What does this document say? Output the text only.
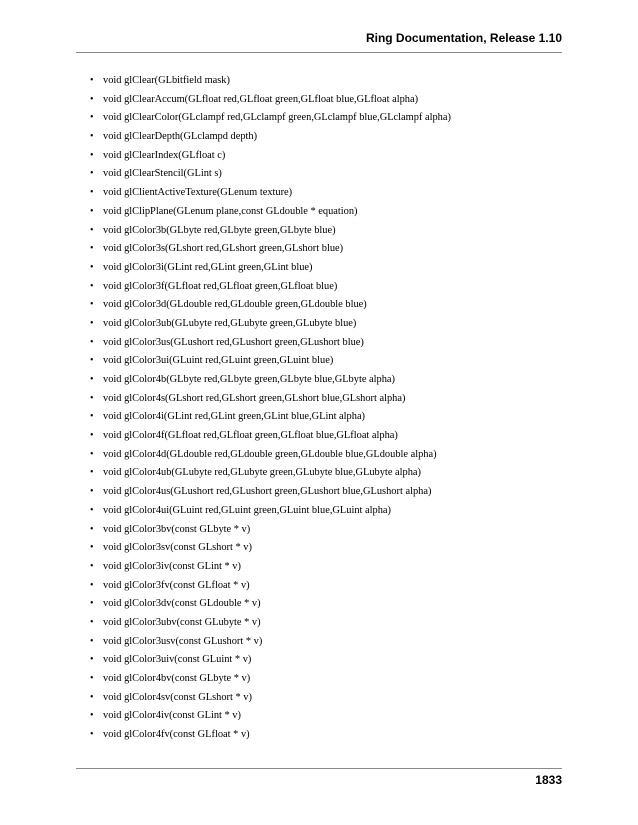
Ring Documentation, Release 1.10
• void glClear(GLbitfield mask)
• void glClearAccum(GLfloat red,GLfloat green,GLfloat blue,GLfloat alpha)
• void glClearColor(GLclampf red,GLclampf green,GLclampf blue,GLclampf alpha)
• void glClearDepth(GLclampd depth)
• void glClearIndex(GLfloat c)
• void glClearStencil(GLint s)
• void glClientActiveTexture(GLenum texture)
• void glClipPlane(GLenum plane,const GLdouble * equation)
• void glColor3b(GLbyte red,GLbyte green,GLbyte blue)
• void glColor3s(GLshort red,GLshort green,GLshort blue)
• void glColor3i(GLint red,GLint green,GLint blue)
• void glColor3f(GLfloat red,GLfloat green,GLfloat blue)
• void glColor3d(GLdouble red,GLdouble green,GLdouble blue)
• void glColor3ub(GLubyte red,GLubyte green,GLubyte blue)
• void glColor3us(GLushort red,GLushort green,GLushort blue)
• void glColor3ui(GLuint red,GLuint green,GLuint blue)
• void glColor4b(GLbyte red,GLbyte green,GLbyte blue,GLbyte alpha)
• void glColor4s(GLshort red,GLshort green,GLshort blue,GLshort alpha)
• void glColor4i(GLint red,GLint green,GLint blue,GLint alpha)
• void glColor4f(GLfloat red,GLfloat green,GLfloat blue,GLfloat alpha)
• void glColor4d(GLdouble red,GLdouble green,GLdouble blue,GLdouble alpha)
• void glColor4ub(GLubyte red,GLubyte green,GLubyte blue,GLubyte alpha)
• void glColor4us(GLushort red,GLushort green,GLushort blue,GLushort alpha)
• void glColor4ui(GLuint red,GLuint green,GLuint blue,GLuint alpha)
• void glColor3bv(const GLbyte * v)
• void glColor3sv(const GLshort * v)
• void glColor3iv(const GLint * v)
• void glColor3fv(const GLfloat * v)
• void glColor3dv(const GLdouble * v)
• void glColor3ubv(const GLubyte * v)
• void glColor3usv(const GLushort * v)
• void glColor3uiv(const GLuint * v)
• void glColor4bv(const GLbyte * v)
• void glColor4sv(const GLshort * v)
• void glColor4iv(const GLint * v)
• void glColor4fv(const GLfloat * v)
1833
